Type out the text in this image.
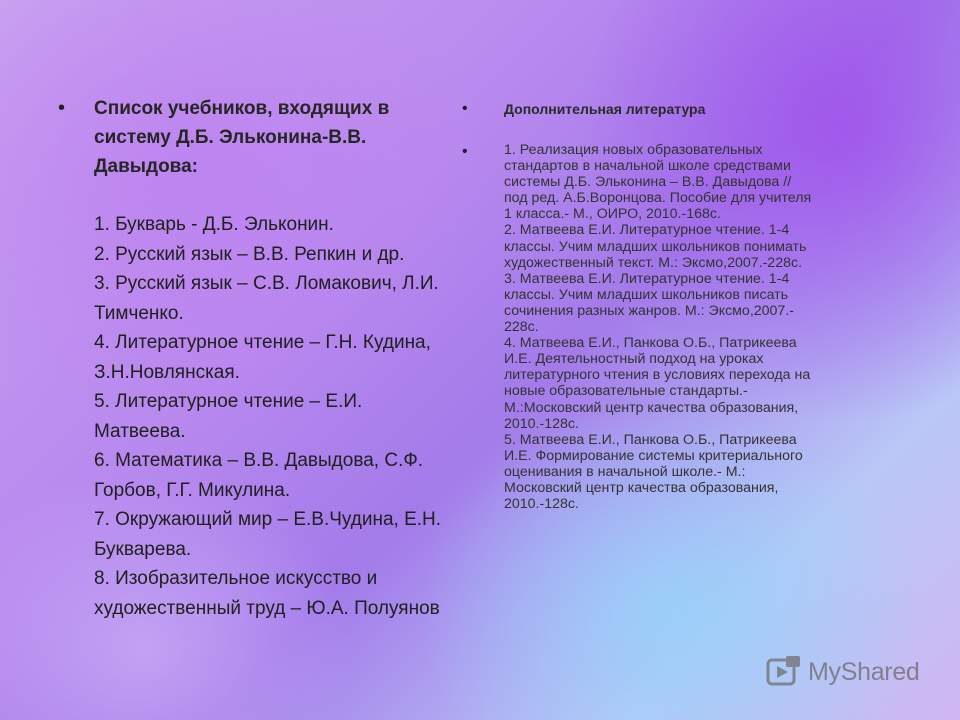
• Список учебников, входящих в систему Д.Б. Эльконина-В.В. Давыдова:
1. Букварь - Д.Б. Эльконин.
2. Русский язык – В.В. Репкин и др.
3. Русский язык – С.В. Ломакович, Л.И. Тимченко.
4. Литературное чтение – Г.Н. Кудина, З.Н.Новлянская.
5. Литературное чтение – Е.И. Матвеева.
6. Математика – В.В. Давыдова, С.Ф. Горбов, Г.Г. Микулина.
7. Окружающий мир – Е.В.Чудина, Е.Н. Букварева.
8. Изобразительное искусство и художественный труд – Ю.А. Полуянов
•	Дополнительная литература
•	1. Реализация новых образовательных
стандартов в начальной школе средствами
системы Д.Б. Эльконина – В.В. Давыдова //
под ред. А.Б.Воронцова. Пособие для учителя
1 класса.- М., ОИРО, 2010.-168с.
2. Матвеева Е.И. Литературное чтение. 1-4
классы. Учим младших школьников понимать
художественный текст. М.: Эксмо,2007.-228с.
3. Матвеева Е.И. Литературное чтение. 1-4
классы. Учим младших школьников писать
сочинения разных жанров. М.: Эксмо,2007.-
228с.
4. Матвеева Е.И., Панкова О.Б., Патрикеева
И.Е. Деятельностный подход на уроках
литературного чтения в условиях перехода на
новые образовательные стандарты.-
М.:Московский центр качества образования,
2010.-128с.
5. Матвеева Е.И., Панкова О.Б., Патрикеева
И.Е. Формирование системы критериального
оценивания в начальной школе.- М.:
Московский центр качества образования,
2010.-128с.
MyShared
